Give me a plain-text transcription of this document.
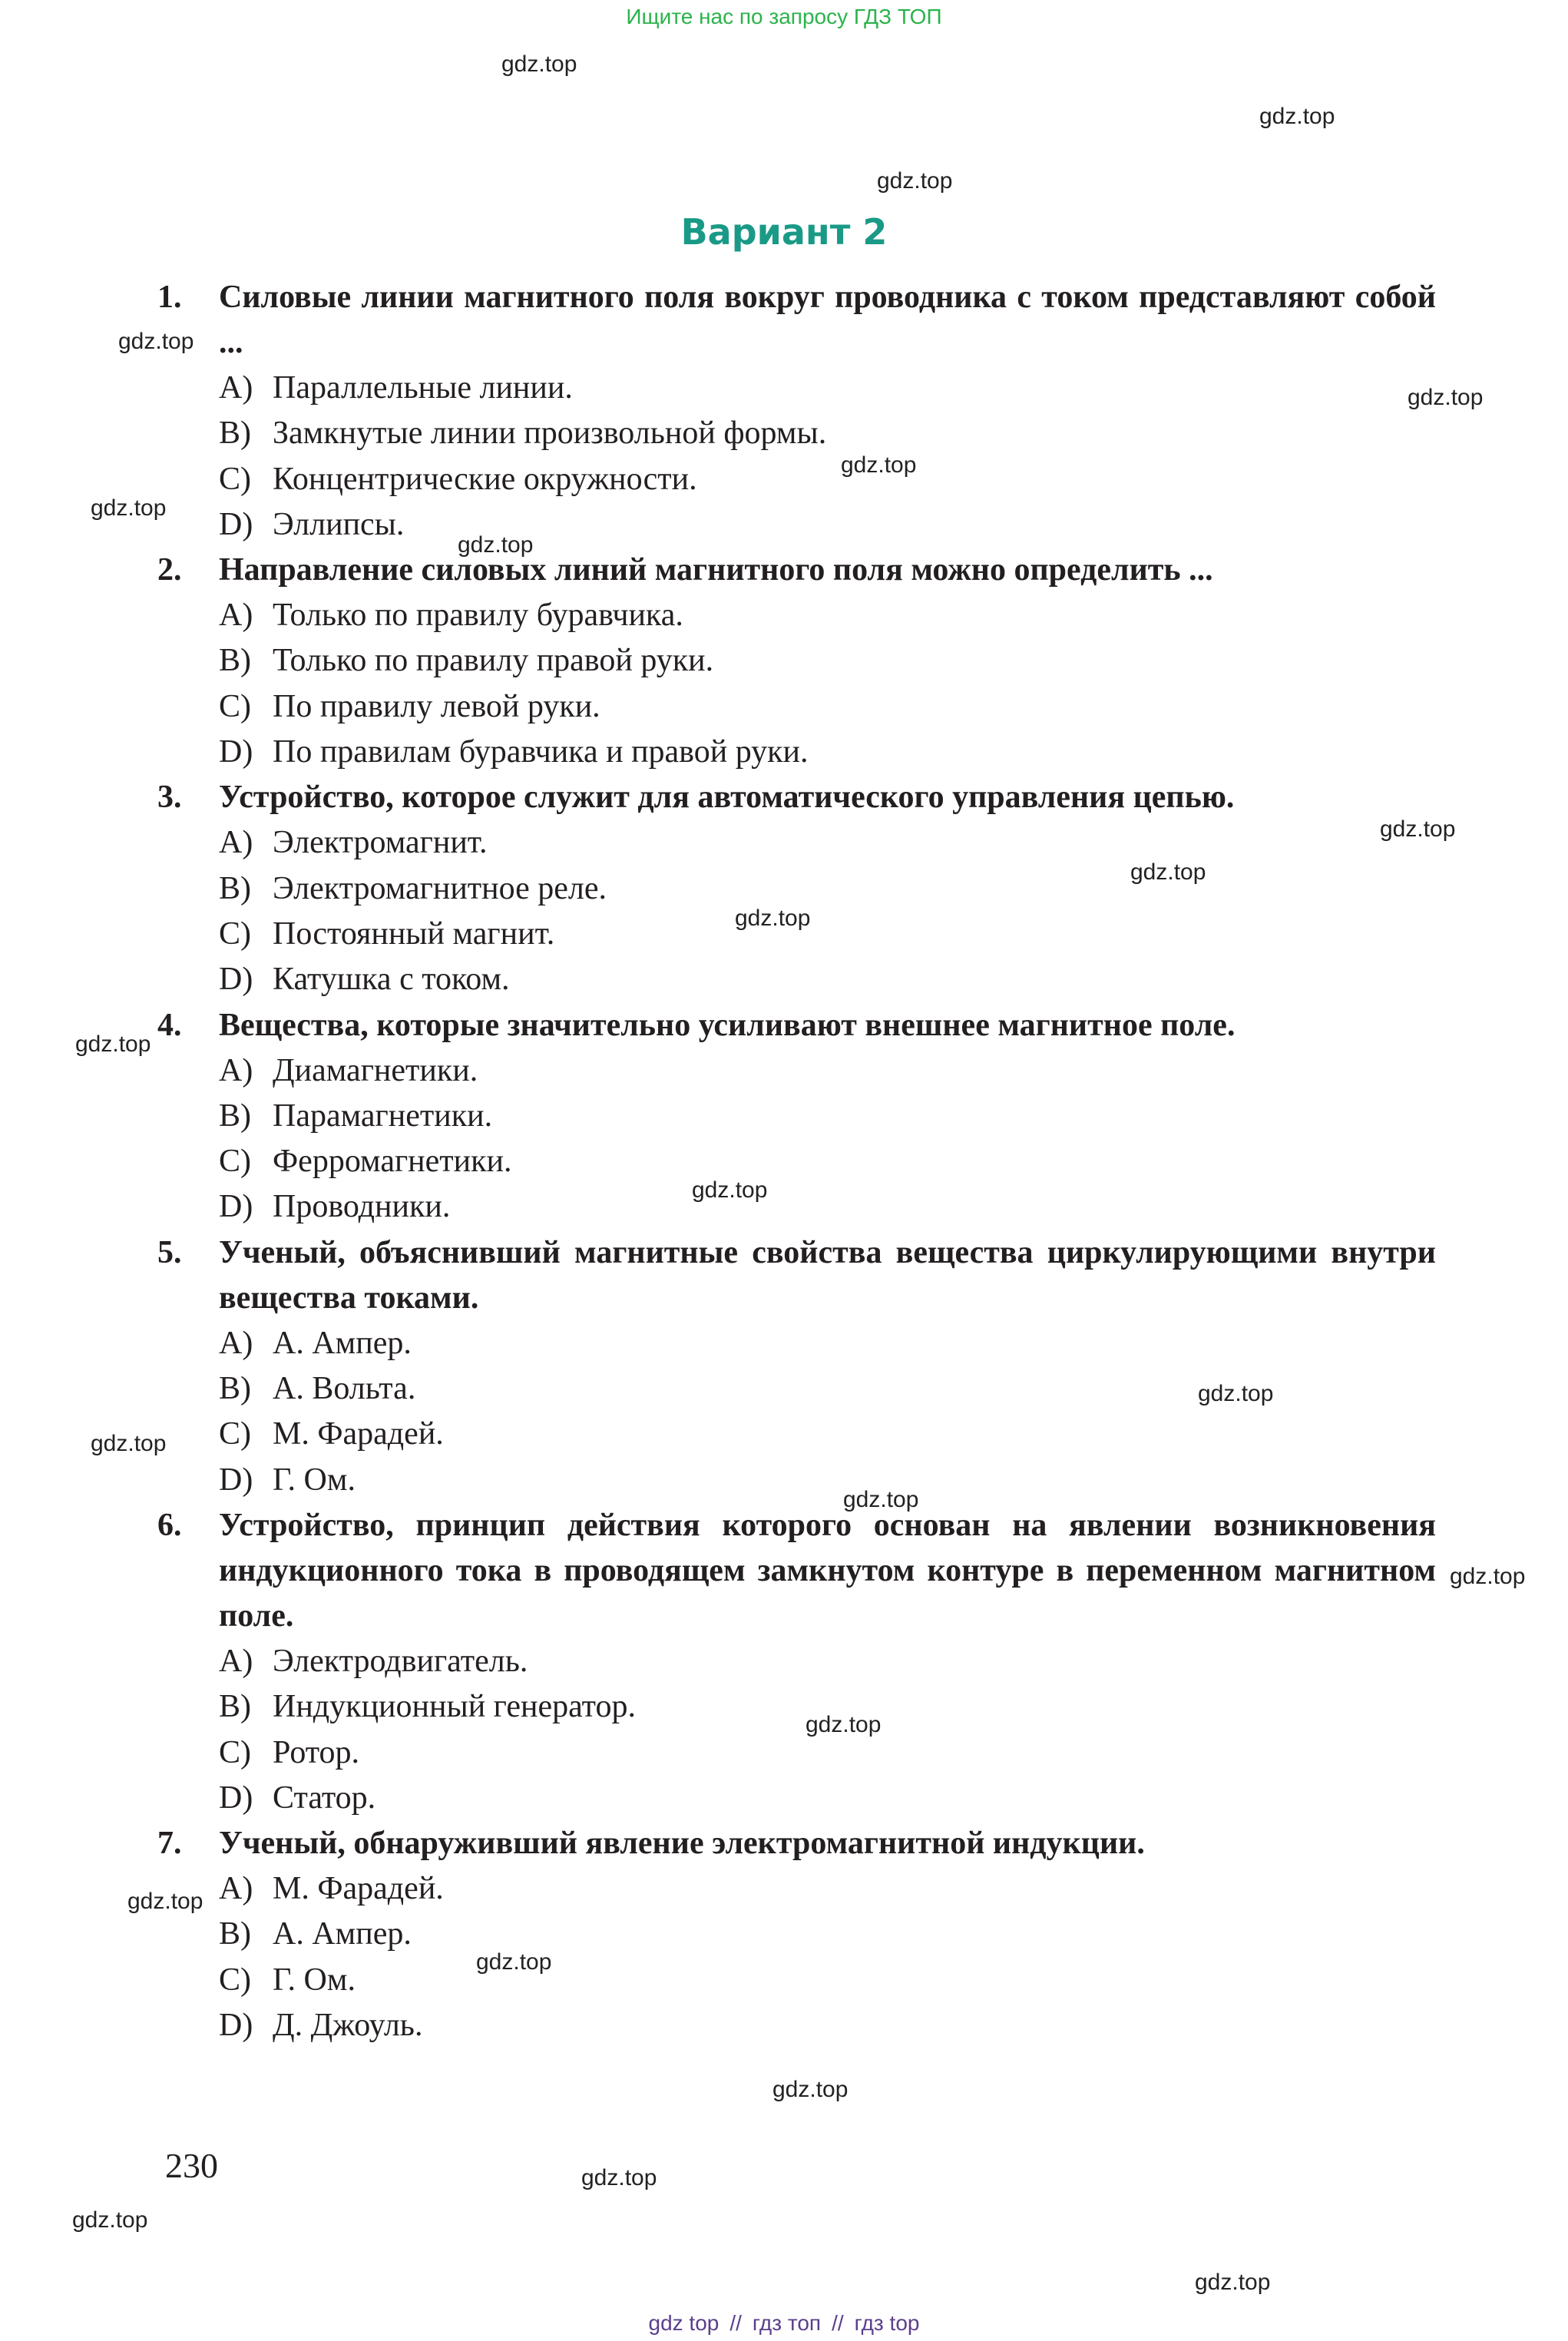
Ищите нас по запросу ГДЗ ТОП
Вариант 2
1.	Силовые линии магнитного поля вокруг проводника с током представляют собой ...
A) Параллельные линии.
B) Замкнутые линии произвольной формы.
C) Концентрические окружности.
D) Эллипсы.
2.	Направление силовых линий магнитного поля можно определить ...
A) Только по правилу буравчика.
B) Только по правилу правой руки.
C) По правилу левой руки.
D) По правилам буравчика и правой руки.
3.	Устройство, которое служит для автоматического управления цепью.
A) Электромагнит.
B) Электромагнитное реле.
C) Постоянный магнит.
D) Катушка с током.
4.	Вещества, которые значительно усиливают внешнее магнитное поле.
A) Диамагнетики.
B) Парамагнетики.
C) Ферромагнетики.
D) Проводники.
5.	Ученый, объяснивший магнитные свойства вещества циркулирующими внутри вещества токами.
A) А. Ампер.
B) А. Вольта.
C) М. Фарадей.
D) Г. Ом.
6.	Устройство, принцип действия которого основан на явлении возникновения индукционного тока в проводящем замкнутом контуре в переменном магнитном поле.
A) Электродвигатель.
B) Индукционный генератор.
C) Ротор.
D) Статор.
7.	Ученый, обнаруживший явление электромагнитной индукции.
A) М. Фарадей.
B) А. Ампер.
C) Г. Ом.
D) Д. Джоуль.
230
gdz.top
gdz.top
gdz.top
gdz.top
gdz.top
gdz.top
gdz.top
gdz.top
gdz.top
gdz.top
gdz.top
gdz.top
gdz.top
gdz.top
gdz.top
gdz.top
gdz.top
gdz.top
gdz.top
gdz.top
gdz.top
gdz.top
gdz.top
gdz.top
gdz top // гдз топ // гдз top
